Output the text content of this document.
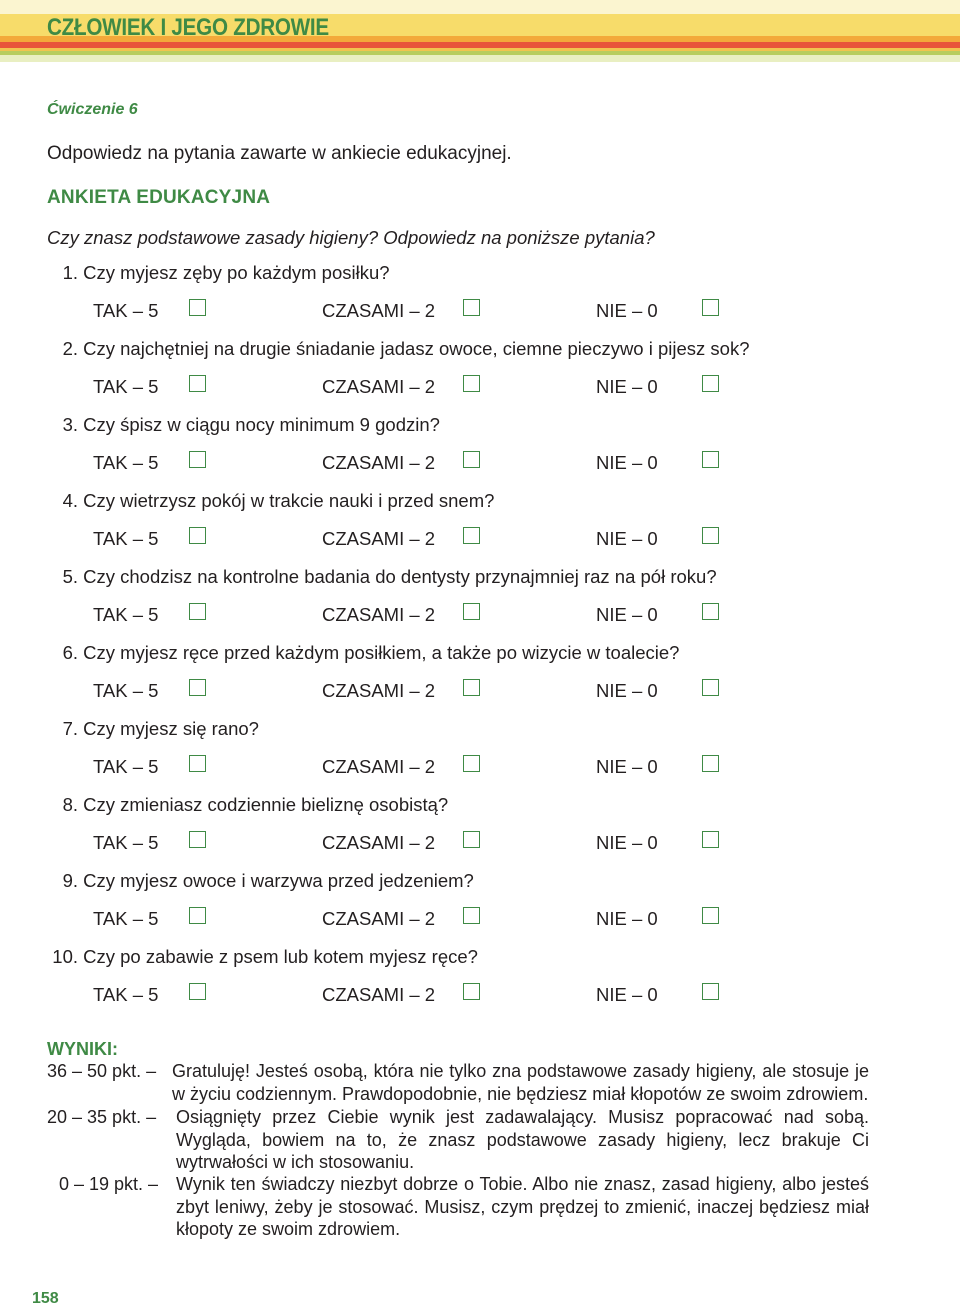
CZŁOWIEK I JEGO ZDROWIE
Ćwiczenie 6
Odpowiedz na pytania zawarte w ankiecie edukacyjnej.
ANKIETA EDUKACYJNA
Czy znasz podstawowe zasady higieny? Odpowiedz na poniższe pytania?
1. Czy myjesz zęby po każdym posiłku?
TAK – 5	CZASAMI – 2	NIE – 0
2. Czy najchętniej na drugie śniadanie jadasz owoce, ciemne pieczywo i pijesz sok?
TAK – 5	CZASAMI – 2	NIE – 0
3. Czy śpisz w ciągu nocy minimum 9 godzin?
TAK – 5	CZASAMI – 2	NIE – 0
4. Czy wietrzysz pokój w trakcie nauki i przed snem?
TAK – 5	CZASAMI – 2	NIE – 0
5. Czy chodzisz na kontrolne badania do dentysty przynajmniej raz na pół roku?
TAK – 5	CZASAMI – 2	NIE – 0
6. Czy myjesz ręce przed każdym posiłkiem, a także po wizycie w toalecie?
TAK – 5	CZASAMI – 2	NIE – 0
7. Czy myjesz się rano?
TAK – 5	CZASAMI – 2	NIE – 0
8. Czy zmieniasz codziennie bieliznę osobistą?
TAK – 5	CZASAMI – 2	NIE – 0
9. Czy myjesz owoce i warzywa przed jedzeniem?
TAK – 5	CZASAMI – 2	NIE – 0
10. Czy po zabawie z psem lub kotem myjesz ręce?
TAK – 5	CZASAMI – 2	NIE – 0
WYNIKI:
36 – 50 pkt. – Gratuluję! Jesteś osobą, która nie tylko zna podstawowe zasady higieny, ale stosuje je w życiu codziennym. Prawdopodobnie, nie będziesz miał kłopotów ze swoim zdrowiem.
20 – 35 pkt. – Osiągnięty przez Ciebie wynik jest zadawalający. Musisz popracować nad sobą. Wygląda, bowiem na to, że znasz podstawowe zasady higieny, lecz brakuje Ci wytrwałości w ich stosowaniu.
0 – 19 pkt. – Wynik ten świadczy niezbyt dobrze o Tobie. Albo nie znasz, zasad higieny, albo jesteś zbyt leniwy, żeby je stosować. Musisz, czym prędzej to zmienić, inaczej będziesz miał kłopoty ze swoim zdrowiem.
158
